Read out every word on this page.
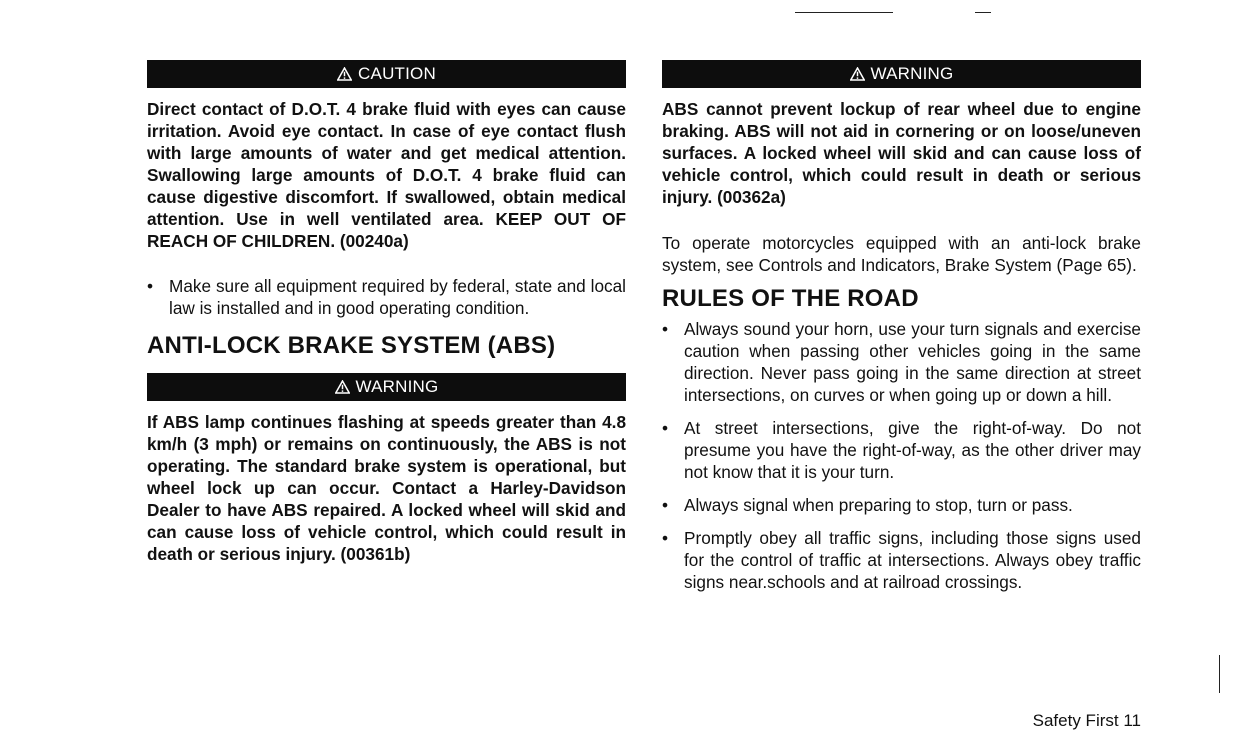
CAUTION

Direct contact of D.O.T. 4 brake fluid with eyes can cause irritation. Avoid eye contact. In case of eye contact flush with large amounts of water and get medical attention. Swallowing large amounts of D.O.T. 4 brake fluid can cause digestive discomfort. If swallowed, obtain medical attention. Use in well ventilated area. KEEP OUT OF REACH OF CHILDREN. (00240a)

• Make sure all equipment required by federal, state and local law is installed and in good operating condition.
ANTI-LOCK BRAKE SYSTEM (ABS)
WARNING

If ABS lamp continues flashing at speeds greater than 4.8 km/h (3 mph) or remains on continuously, the ABS is not operating. The standard brake system is operational, but wheel lock up can occur. Contact a Harley-Davidson Dealer to have ABS repaired. A locked wheel will skid and can cause loss of vehicle control, which could result in death or serious injury. (00361b)

WARNING

ABS cannot prevent lockup of rear wheel due to engine braking. ABS will not aid in cornering or on loose/uneven surfaces. A locked wheel will skid and can cause loss of vehicle control, which could result in death or serious injury. (00362a)

To operate motorcycles equipped with an anti-lock brake system, see Controls and Indicators, Brake System (Page 65).

RULES OF THE ROAD
• Always sound your horn, use your turn signals and exercise caution when passing other vehicles going in the same direction. Never pass going in the same direction at street intersections, on curves or when going up or down a hill.
• At street intersections, give the right-of-way. Do not presume you have the right-of-way, as the other driver may not know that it is your turn.
• Always signal when preparing to stop, turn or pass.
• Promptly obey all traffic signs, including those signs used for the control of traffic at intersections. Always obey traffic signs near.schools and at railroad crossings.
Safety First 11
